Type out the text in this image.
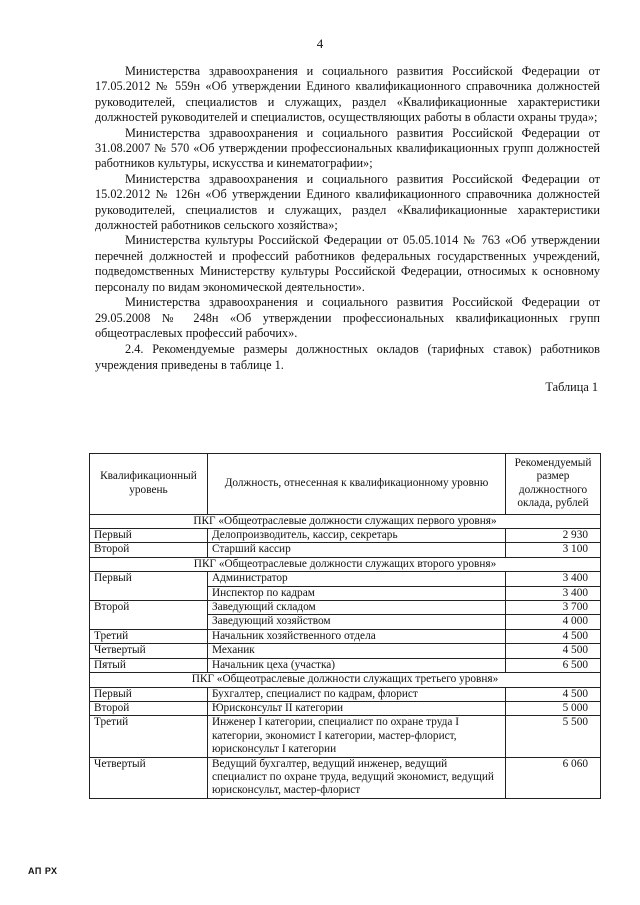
4

Министерства здравоохранения и социального развития Российской Федерации от 17.05.2012 № 559н «Об утверждении Единого квалификационного справочника должностей руководителей, специалистов и служащих, раздел «Квалификационные характеристики должностей руководителей и специалистов, осуществляющих работы в области охраны труда»;

Министерства здравоохранения и социального развития Российской Федерации от 31.08.2007 № 570 «Об утверждении профессиональных квалификационных групп должностей работников культуры, искусства и кинематографии»;

Министерства здравоохранения и социального развития Российской Федерации от 15.02.2012 № 126н «Об утверждении Единого квалификационного справочника должностей руководителей, специалистов и служащих, раздел «Квалификационные характеристики должностей работников сельского хозяйства»;

Министерства культуры Российской Федерации от 05.05.1014 № 763 «Об утверждении перечней должностей и профессий работников федеральных государственных учреждений, подведомственных Министерству культуры Российской Федерации, относимых к основному персоналу по видам экономической деятельности».

Министерства здравоохранения и социального развития Российской Федерации от 29.05.2008 № 248н «Об утверждении профессиональных квалификационных групп общеотраслевых профессий рабочих».

2.4. Рекомендуемые размеры должностных окладов (тарифных ставок) работников учреждения приведены в таблице 1.

Таблица 1
Квалификационный уровень	Должность, отнесенная к квалификационному уровню	Рекомендуемый размер должностного оклада, рублей
ПКГ «Общеотраслевые должности служащих первого уровня»		
Первый	Делопроизводитель, кассир, секретарь	2 930
Второй	Старший кассир	3 100
ПКГ «Общеотраслевые должности служащих второго уровня»		
Первый	Администратор	3 400
	Инспектор по кадрам	3 400
Второй	Заведующий складом	3 700
	Заведующий хозяйством	4 000
Третий	Начальник хозяйственного отдела	4 500
Четвертый	Механик	4 500
Пятый	Начальник цеха (участка)	6 500
ПКГ «Общеотраслевые должности служащих третьего уровня»		
Первый	Бухгалтер, специалист по кадрам, флорист	4 500
Второй	Юрисконсульт II категории	5 000
Третий	Инженер I категории, специалист по охране труда I категории, экономист I категории, мастер-флорист, юрисконсульт I категории	5 500
Четвертый	Ведущий бухгалтер, ведущий инженер, ведущий специалист по охране труда, ведущий экономист, ведущий юрисконсульт, мастер-флорист	6 060
АП РХ
